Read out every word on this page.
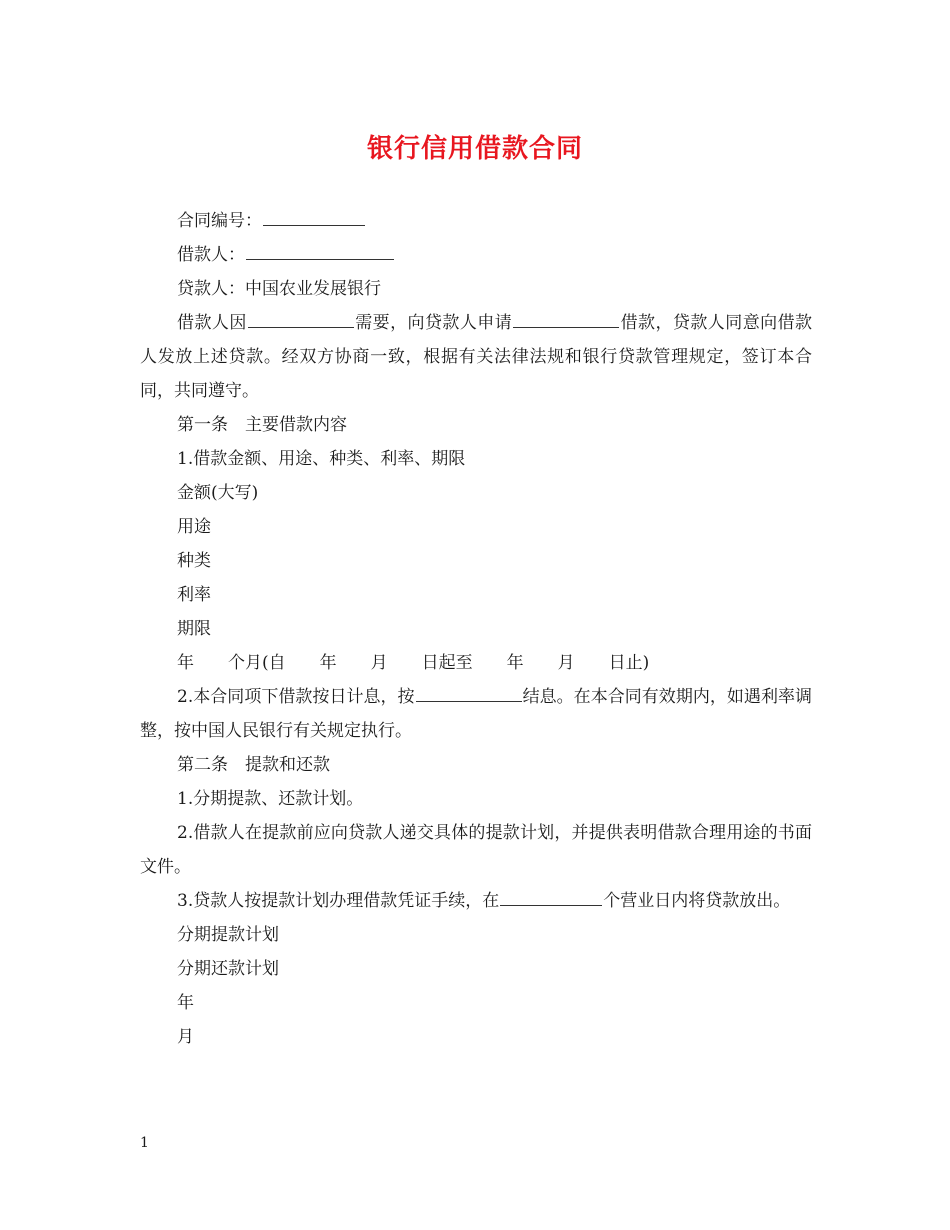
银行信用借款合同
合同编号：
借款人：
贷款人：中国农业发展银行
借款人因	需要，向贷款人申请	借款，贷款人同意向借款人发放上述贷款。经双方协商一致，根据有关法律法规和银行贷款管理规定，签订本合同，共同遵守。
第一条　主要借款内容
1.借款金额、用途、种类、利率、期限
金额(大写)
用途
种类
利率
期限
年　　个月(自　　年　　月　　日起至　　年　　月　　日止)
2.本合同项下借款按日计息，按	结息。在本合同有效期内，如遇利率调整，按中国人民银行有关规定执行。
第二条　提款和还款
1.分期提款、还款计划。
2.借款人在提款前应向贷款人递交具体的提款计划，并提供表明借款合理用途的书面文件。
3.贷款人按提款计划办理借款凭证手续，在	个营业日内将贷款放出。
分期提款计划
分期还款计划
年
月
1
